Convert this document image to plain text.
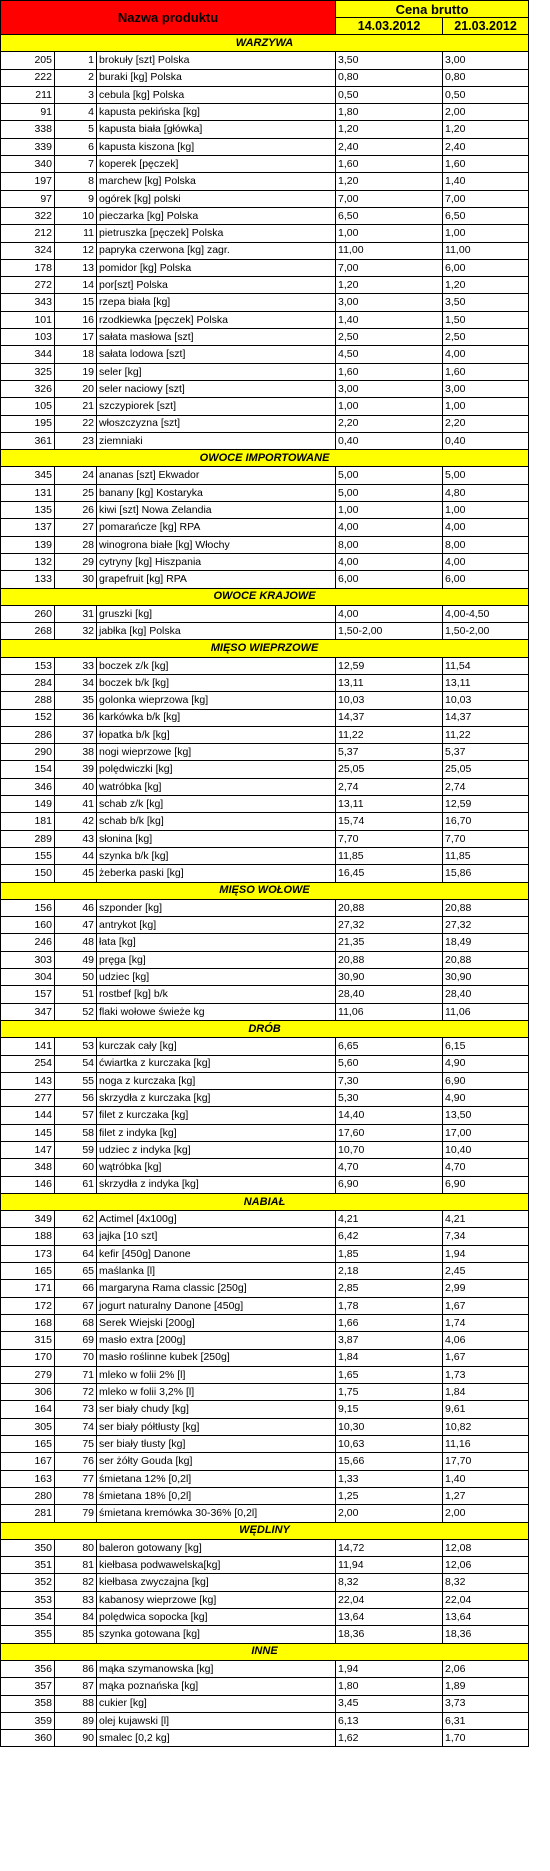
Nazwa produktu			Cena brutto	
			14.03.2012	21.03.2012
WARZYWA				
205	1	brokuły [szt] Polska	3,50	3,00
222	2	buraki [kg] Polska	0,80	0,80
211	3	cebula [kg] Polska	0,50	0,50
91	4	kapusta pekińska [kg]	1,80	2,00
338	5	kapusta biała [główka]	1,20	1,20
339	6	kapusta kiszona [kg]	2,40	2,40
340	7	koperek [pęczek]	1,60	1,60
197	8	marchew [kg] Polska	1,20	1,40
97	9	ogórek [kg] polski	7,00	7,00
322	10	pieczarka [kg] Polska	6,50	6,50
212	11	pietruszka [pęczek] Polska	1,00	1,00
324	12	papryka czerwona [kg] zagr.	11,00	11,00
178	13	pomidor [kg] Polska	7,00	6,00
272	14	por[szt] Polska	1,20	1,20
343	15	rzepa biała [kg]	3,00	3,50
101	16	rzodkiewka [pęczek] Polska	1,40	1,50
103	17	sałata masłowa [szt]	2,50	2,50
344	18	sałata lodowa [szt]	4,50	4,00
325	19	seler [kg]	1,60	1,60
326	20	seler naciowy [szt]	3,00	3,00
105	21	szczypiorek [szt]	1,00	1,00
195	22	włoszczyzna [szt]	2,20	2,20
361	23	ziemniaki	0,40	0,40
OWOCE IMPORTOWANE				
345	24	ananas [szt] Ekwador	5,00	5,00
131	25	banany [kg] Kostaryka	5,00	4,80
135	26	kiwi [szt] Nowa Zelandia	1,00	1,00
137	27	pomarańcze [kg] RPA	4,00	4,00
139	28	winogrona białe [kg] Włochy	8,00	8,00
132	29	cytryny [kg] Hiszpania	4,00	4,00
133	30	grapefruit [kg] RPA	6,00	6,00
OWOCE KRAJOWE				
260	31	gruszki [kg]	4,00	4,00-4,50
268	32	jabłka [kg] Polska	1,50-2,00	1,50-2,00
MIĘSO WIEPRZOWE				
153	33	boczek z/k [kg]	12,59	11,54
284	34	boczek b/k [kg]	13,11	13,11
288	35	golonka wieprzowa [kg]	10,03	10,03
152	36	karkówka b/k [kg]	14,37	14,37
286	37	łopatka b/k [kg]	11,22	11,22
290	38	nogi wieprzowe [kg]	5,37	5,37
154	39	polędwiczki [kg]	25,05	25,05
346	40	watróbka [kg]	2,74	2,74
149	41	schab z/k [kg]	13,11	12,59
181	42	schab b/k [kg]	15,74	16,70
289	43	słonina [kg]	7,70	7,70
155	44	szynka b/k [kg]	11,85	11,85
150	45	żeberka paski [kg]	16,45	15,86
MIĘSO WOŁOWE				
156	46	szponder [kg]	20,88	20,88
160	47	antrykot [kg]	27,32	27,32
246	48	łata [kg]	21,35	18,49
303	49	pręga [kg]	20,88	20,88
304	50	udziec [kg]	30,90	30,90
157	51	rostbef [kg] b/k	28,40	28,40
347	52	flaki wołowe świeże kg	11,06	11,06
DRÓB				
141	53	kurczak cały [kg]	6,65	6,15
254	54	ćwiartka z kurczaka [kg]	5,60	4,90
143	55	noga z kurczaka [kg]	7,30	6,90
277	56	skrzydła z kurczaka [kg]	5,30	4,90
144	57	filet z kurczaka [kg]	14,40	13,50
145	58	filet z indyka [kg]	17,60	17,00
147	59	udziec z indyka [kg]	10,70	10,40
348	60	wątróbka [kg]	4,70	4,70
146	61	skrzydła z indyka [kg]	6,90	6,90
NABIAŁ				
349	62	Actimel [4x100g]	4,21	4,21
188	63	jajka [10 szt]	6,42	7,34
173	64	kefir [450g] Danone	1,85	1,94
165	65	maślanka [l]	2,18	2,45
171	66	margaryna Rama classic [250g]	2,85	2,99
172	67	jogurt naturalny Danone [450g]	1,78	1,67
168	68	Serek Wiejski [200g]	1,66	1,74
315	69	masło extra [200g]	3,87	4,06
170	70	masło roślinne kubek [250g]	1,84	1,67
279	71	mleko w folii 2% [l]	1,65	1,73
306	72	mleko w folii 3,2% [l]	1,75	1,84
164	73	ser biały chudy [kg]	9,15	9,61
305	74	ser biały półtłusty [kg]	10,30	10,82
165	75	ser biały tłusty [kg]	10,63	11,16
167	76	ser żółty Gouda [kg]	15,66	17,70
163	77	śmietana 12% [0,2l]	1,33	1,40
280	78	śmietana 18% [0,2l]	1,25	1,27
281	79	śmietana kremówka 30-36% [0,2l]	2,00	2,00
WĘDLINY				
350	80	baleron gotowany [kg]	14,72	12,08
351	81	kiełbasa podwawelska[kg]	11,94	12,06
352	82	kiełbasa zwyczajna [kg]	8,32	8,32
353	83	kabanosy wieprzowe [kg]	22,04	22,04
354	84	polędwica sopocka [kg]	13,64	13,64
355	85	szynka gotowana [kg]	18,36	18,36
INNE				
356	86	mąka szymanowska [kg]	1,94	2,06
357	87	mąka poznańska [kg]	1,80	1,89
358	88	cukier [kg]	3,45	3,73
359	89	olej kujawski [l]	6,13	6,31
360	90	smalec [0,2 kg]	1,62	1,70
